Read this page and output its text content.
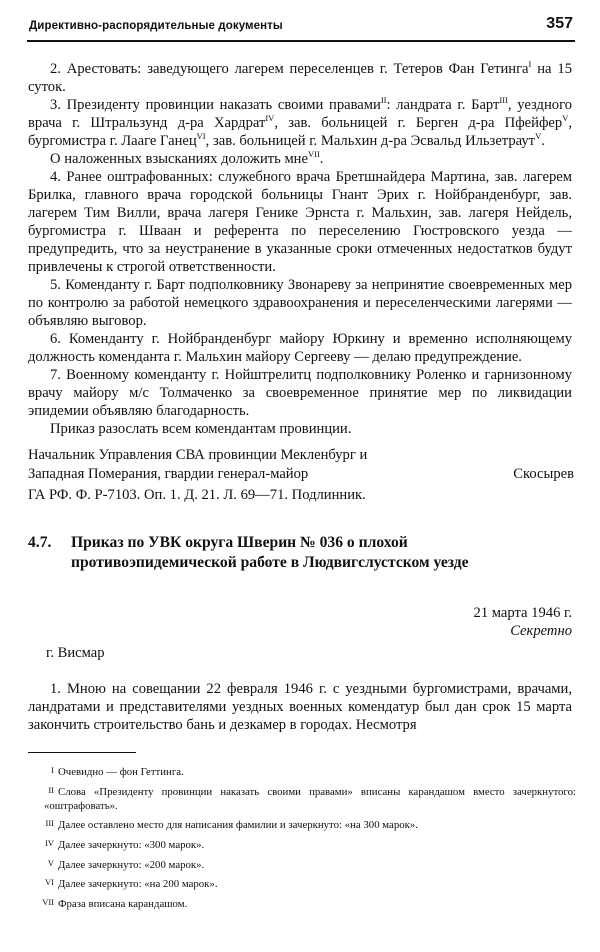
Директивно-распорядительные документы	357

2. Арестовать: заведующего лагерем переселенцев г. Тетеров Фан Гетинга$^I$ на 15 суток.

3. Президенту провинции наказать своими правами$^{II}$: ландрата г. Барт$^{III}$, уездного врача г. Штральзунд д-ра Хардрат$^{IV}$, зав. больницей г. Берген д-ра Пфейфер$^V$, бургомистра г. Лааге Ганец$^{VI}$, зав. больницей г. Мальхин д-ра Эсвальд Ильзетраут$^V$.

O наложенных взысканиях доложить мне$^{VII}$.

4. Ранее оштрафованных: служебного врача Бретшнайдера Мартина, зав. лагерем Брилка, главного врача городской больницы Гнант Эрих г. Нойбранденбург, зав. лагерем Тим Вилли, врача лагеря Генике Эрнста г. Мальхин, зав. лагеря Нейдель, бургомистра г. Шваан и референта по переселению Гюстровского уезда — предупредить, что за неустранение в указанные сроки отмеченных недостатков будут привлечены к строгой ответственности.

5. Коменданту г. Барт подполковнику Звонареву за непринятие своевременных мер по контролю за работой немецкого здравоохранения и переселенческими лагерями — объявляю выговор.

6. Коменданту г. Нойбранденбург майору Юркину и временно исполняющему должность коменданта г. Мальхин майору Сергееву — делаю предупреждение.

7. Военному коменданту г. Нойштрелитц подполковнику Роленко и гарнизонному врачу майору м/с Толмаченко за своевременное принятие мер по ликвидации эпидемии объявляю благодарность.

Приказ разослать всем комендантам провинции.

Начальник Управления СВА провинции Мекленбург и
Западная Померания, гвардии генерал-майор	Скосырев
ГА РФ. Ф. Р-7103. Оп. 1. Д. 21. Л. 69—71. Подлинник.
4.7. Приказ по УВК округа Шверин № 036 о плохой противоэпидемической работе в Людвигслустском уезде
21 марта 1946 г.
Секретно
г. Висмар

1. Мною на совещании 22 февраля 1946 г. с уездными бургомистрами, врачами, ландратами и представителями уездных военных комендатур был дан срок 15 марта закончить строительство бань и дезкамер в городах. Несмотря

I Очевидно — фон Геттинга.

II Слова «Президенту провинции наказать своими правами» вписаны карандашом вместо зачеркнутого: «оштрафовать».

III Далее оставлено место для написания фамилии и зачеркнуто: «на 300 марок».

IV Далее зачеркнуто: «300 марок».

V Далее зачеркнуто: «200 марок».

VI Далее зачеркнуто: «на 200 марок».

VII Фраза вписана карандашом.
